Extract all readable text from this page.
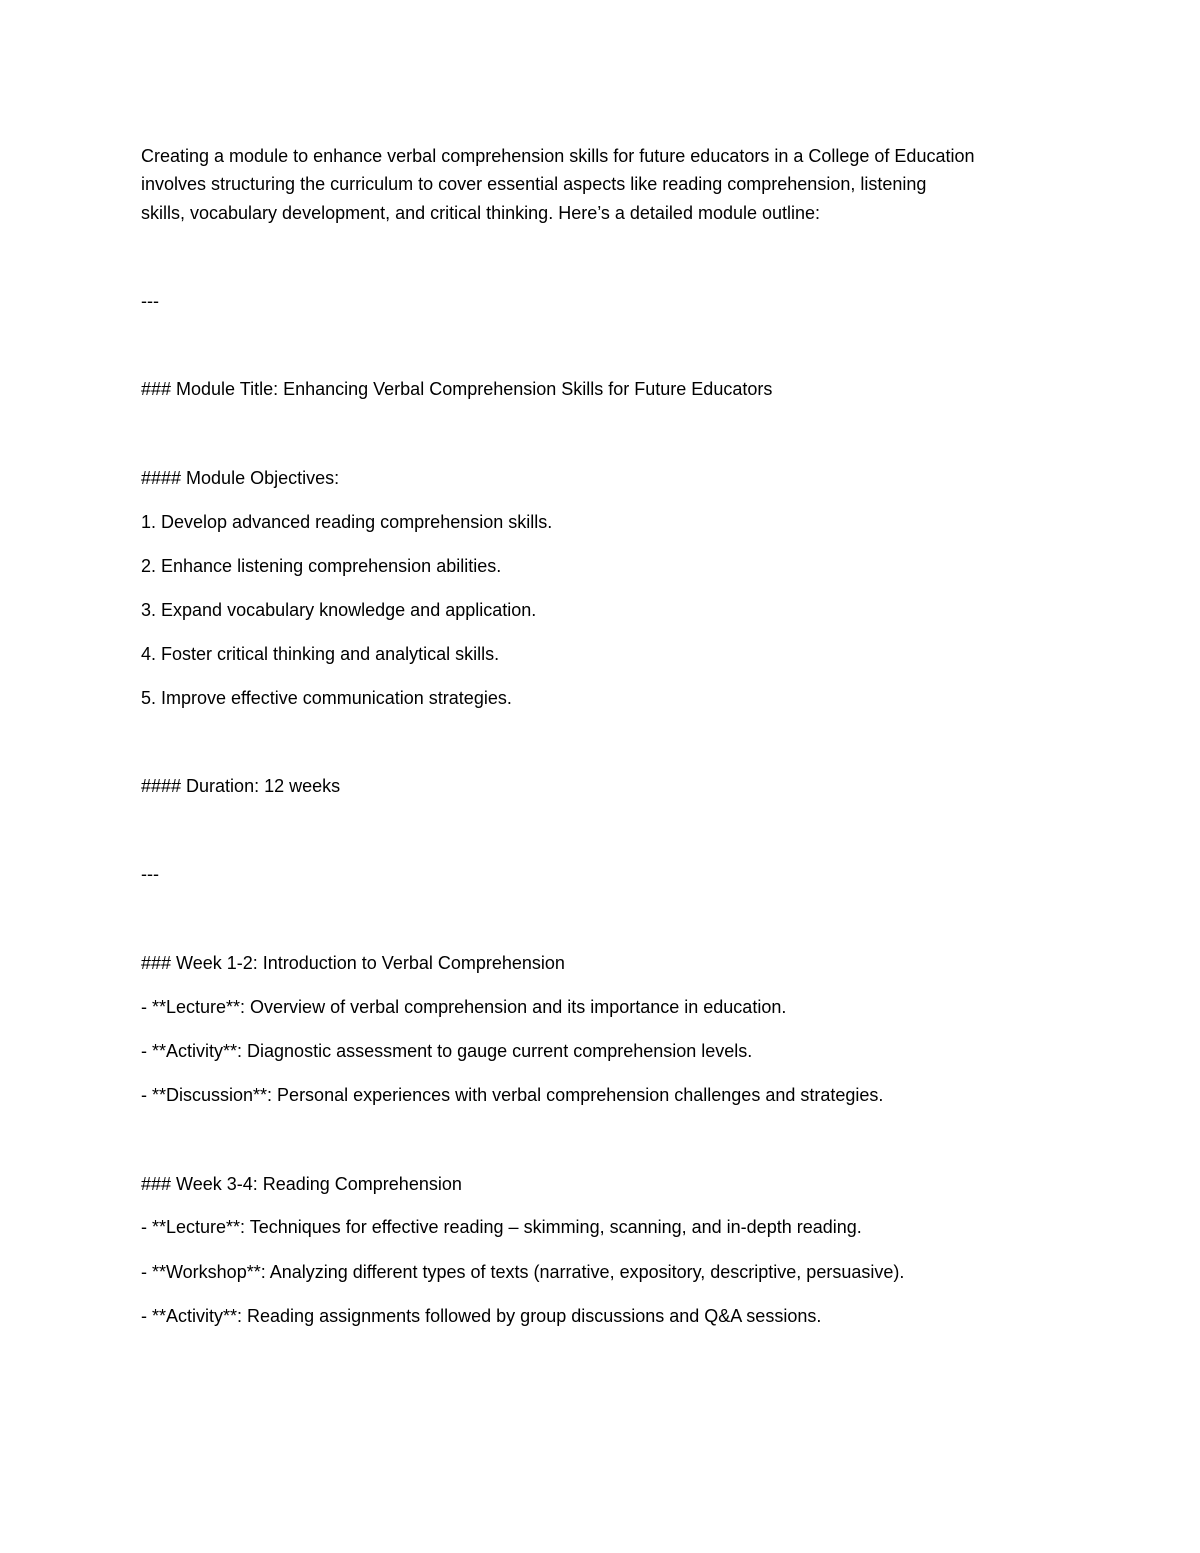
Creating a module to enhance verbal comprehension skills for future educators in a College of Education
involves structuring the curriculum to cover essential aspects like reading comprehension, listening
skills, vocabulary development, and critical thinking. Here’s a detailed module outline:
---
### Module Title: Enhancing Verbal Comprehension Skills for Future Educators
#### Module Objectives:
1. Develop advanced reading comprehension skills.
2. Enhance listening comprehension abilities.
3. Expand vocabulary knowledge and application.
4. Foster critical thinking and analytical skills.
5. Improve effective communication strategies.
#### Duration: 12 weeks
---
### Week 1-2: Introduction to Verbal Comprehension
- **Lecture**: Overview of verbal comprehension and its importance in education.
- **Activity**: Diagnostic assessment to gauge current comprehension levels.
- **Discussion**: Personal experiences with verbal comprehension challenges and strategies.
### Week 3-4: Reading Comprehension
- **Lecture**: Techniques for effective reading – skimming, scanning, and in-depth reading.
- **Workshop**: Analyzing different types of texts (narrative, expository, descriptive, persuasive).
- **Activity**: Reading assignments followed by group discussions and Q&A sessions.
